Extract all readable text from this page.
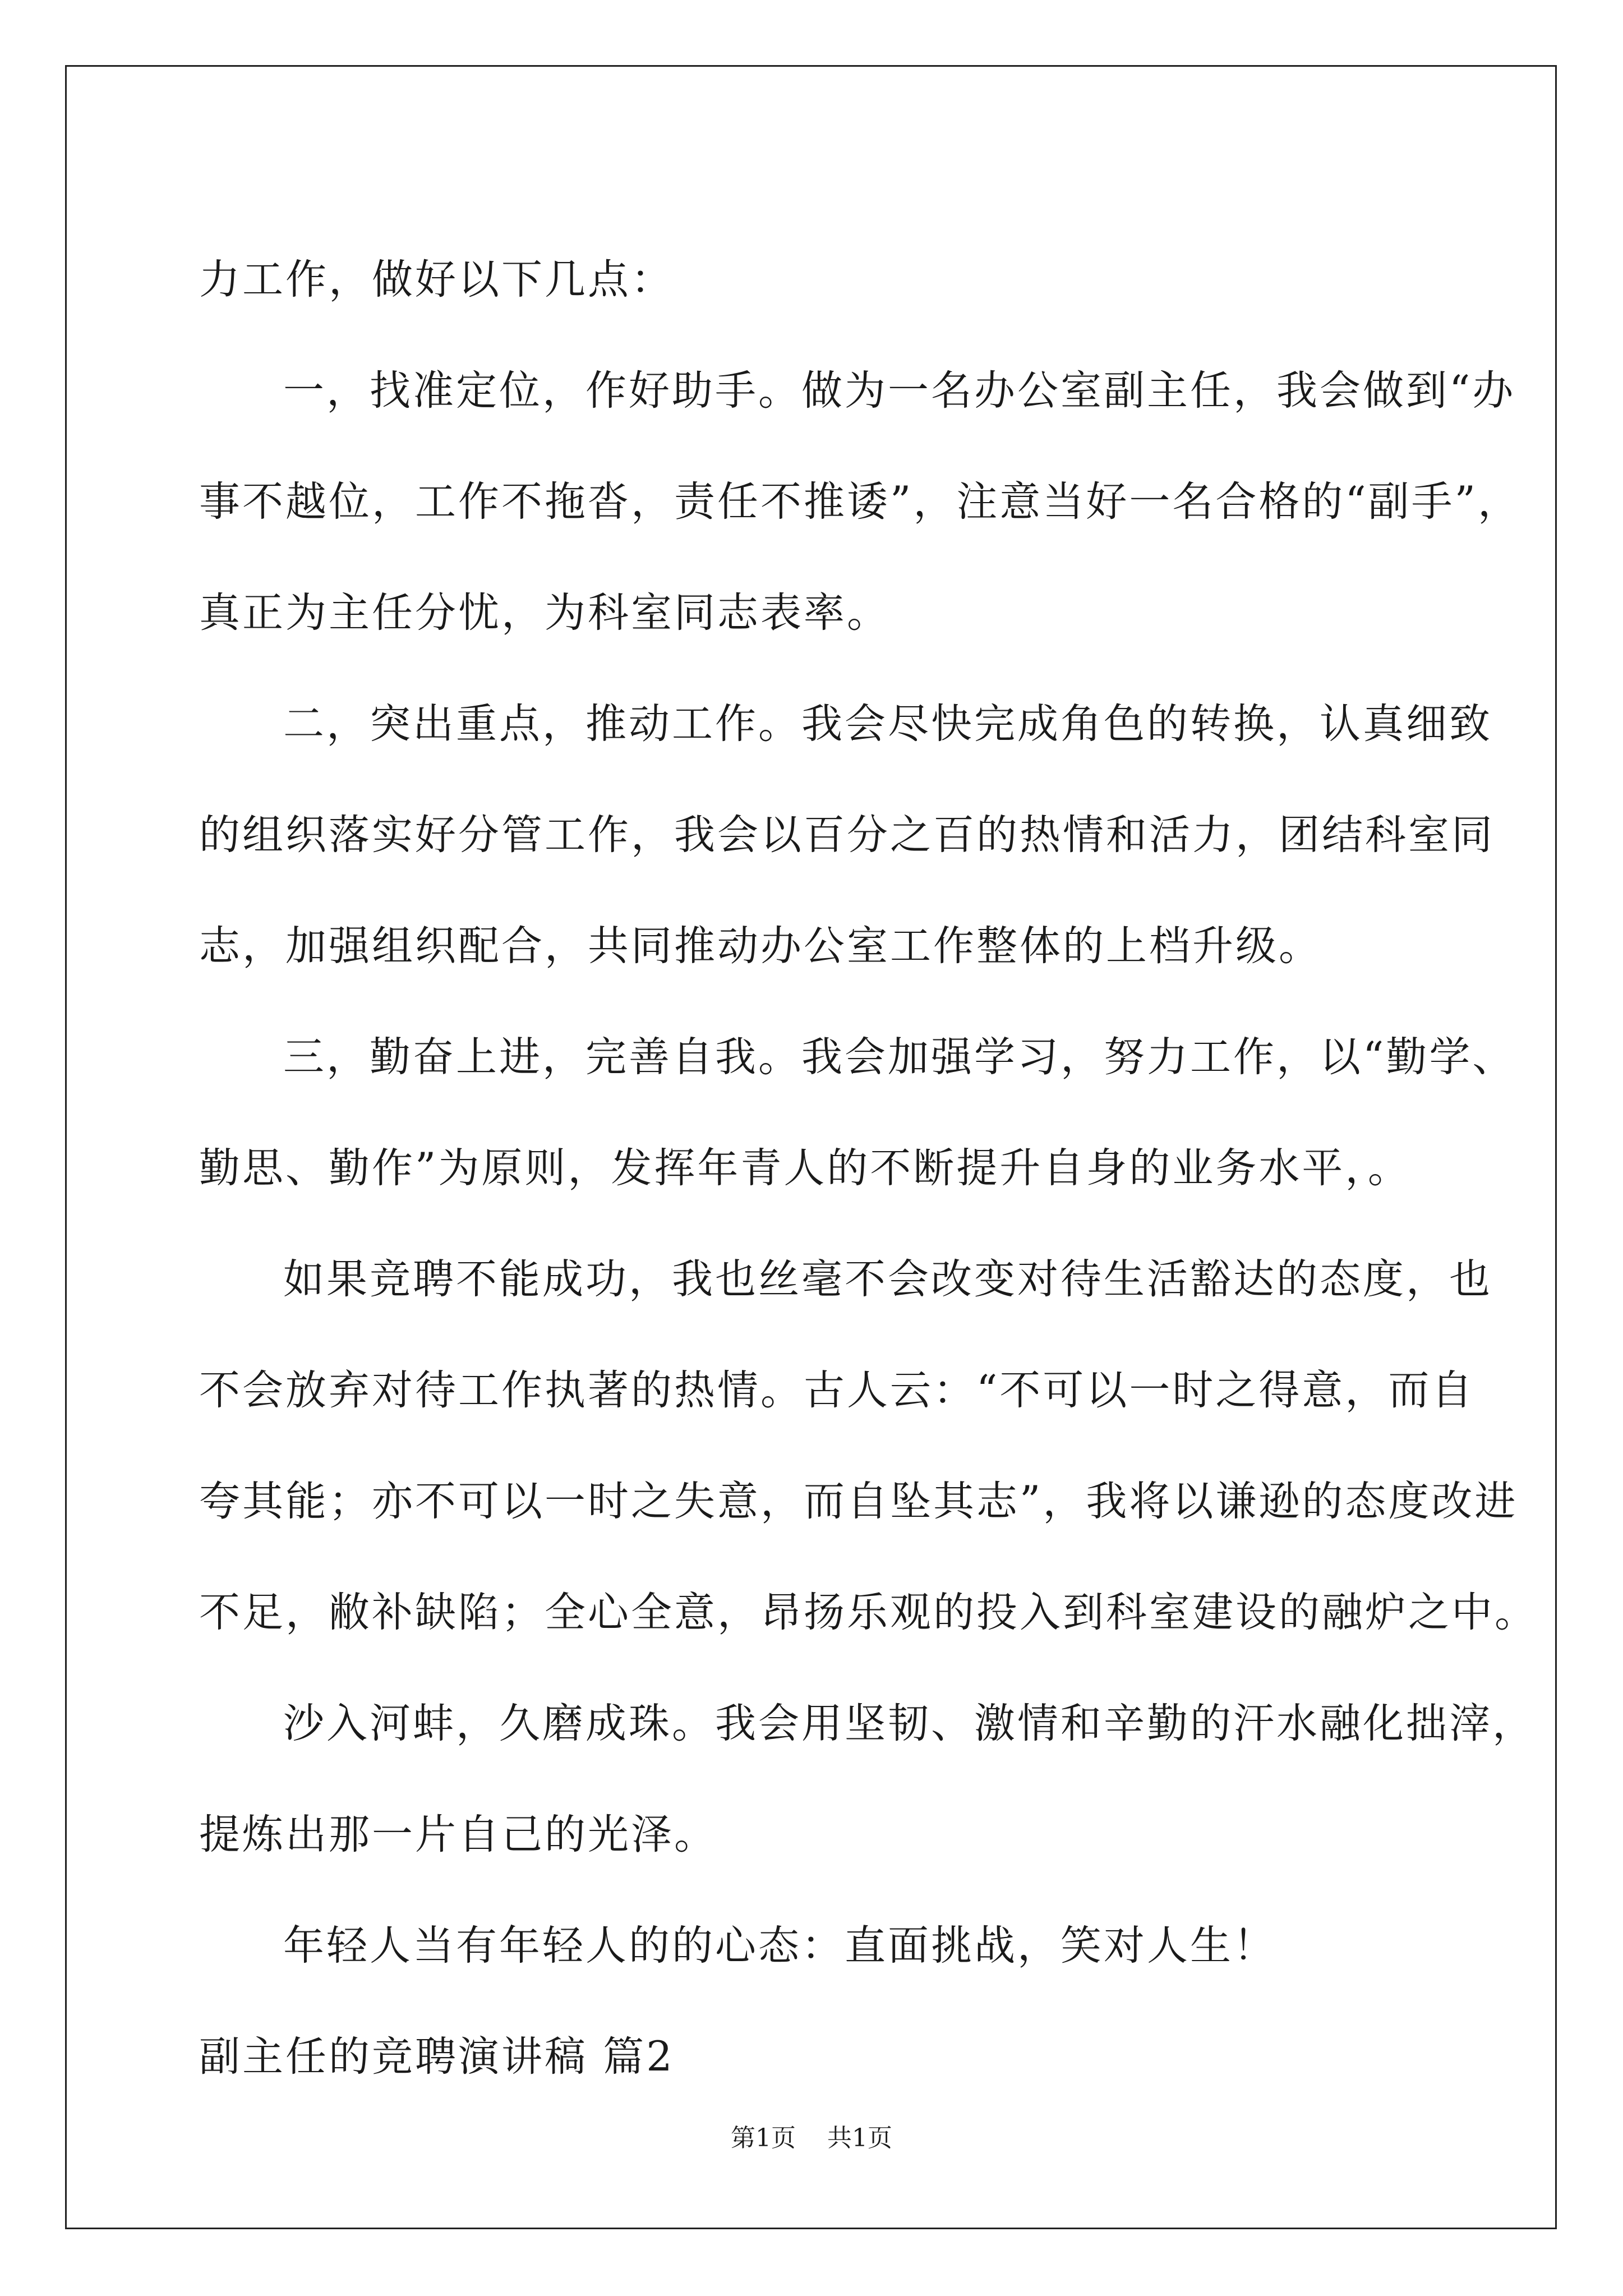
力工作，做好以下几点：

一，找准定位，作好助手。做为一名办公室副主任，我会做到“办

事不越位，工作不拖沓，责任不推诿”，注意当好一名合格的“副手”，

真正为主任分忧，为科室同志表率。

二，突出重点，推动工作。我会尽快完成角色的转换，认真细致

的组织落实好分管工作，我会以百分之百的热情和活力，团结科室同

志，加强组织配合，共同推动办公室工作整体的上档升级。

三，勤奋上进，完善自我。我会加强学习，努力工作，以“勤学、

勤思、勤作”为原则，发挥年青人的不断提升自身的业务水平，。

如果竞聘不能成功，我也丝毫不会改变对待生活豁达的态度，也

不会放弃对待工作执著的热情。古人云：“不可以一时之得意，而自

夸其能；亦不可以一时之失意，而自坠其志”，我将以谦逊的态度改进

不足，敝补缺陷；全心全意，昂扬乐观的投入到科室建设的融炉之中。

沙入河蚌，久磨成珠。我会用坚韧、激情和辛勤的汗水融化拙滓，

提炼出那一片自己的光泽。

年轻人当有年轻人的的心态：直面挑战，笑对人生！

副主任的竞聘演讲稿 篇2

第1页 共1页
